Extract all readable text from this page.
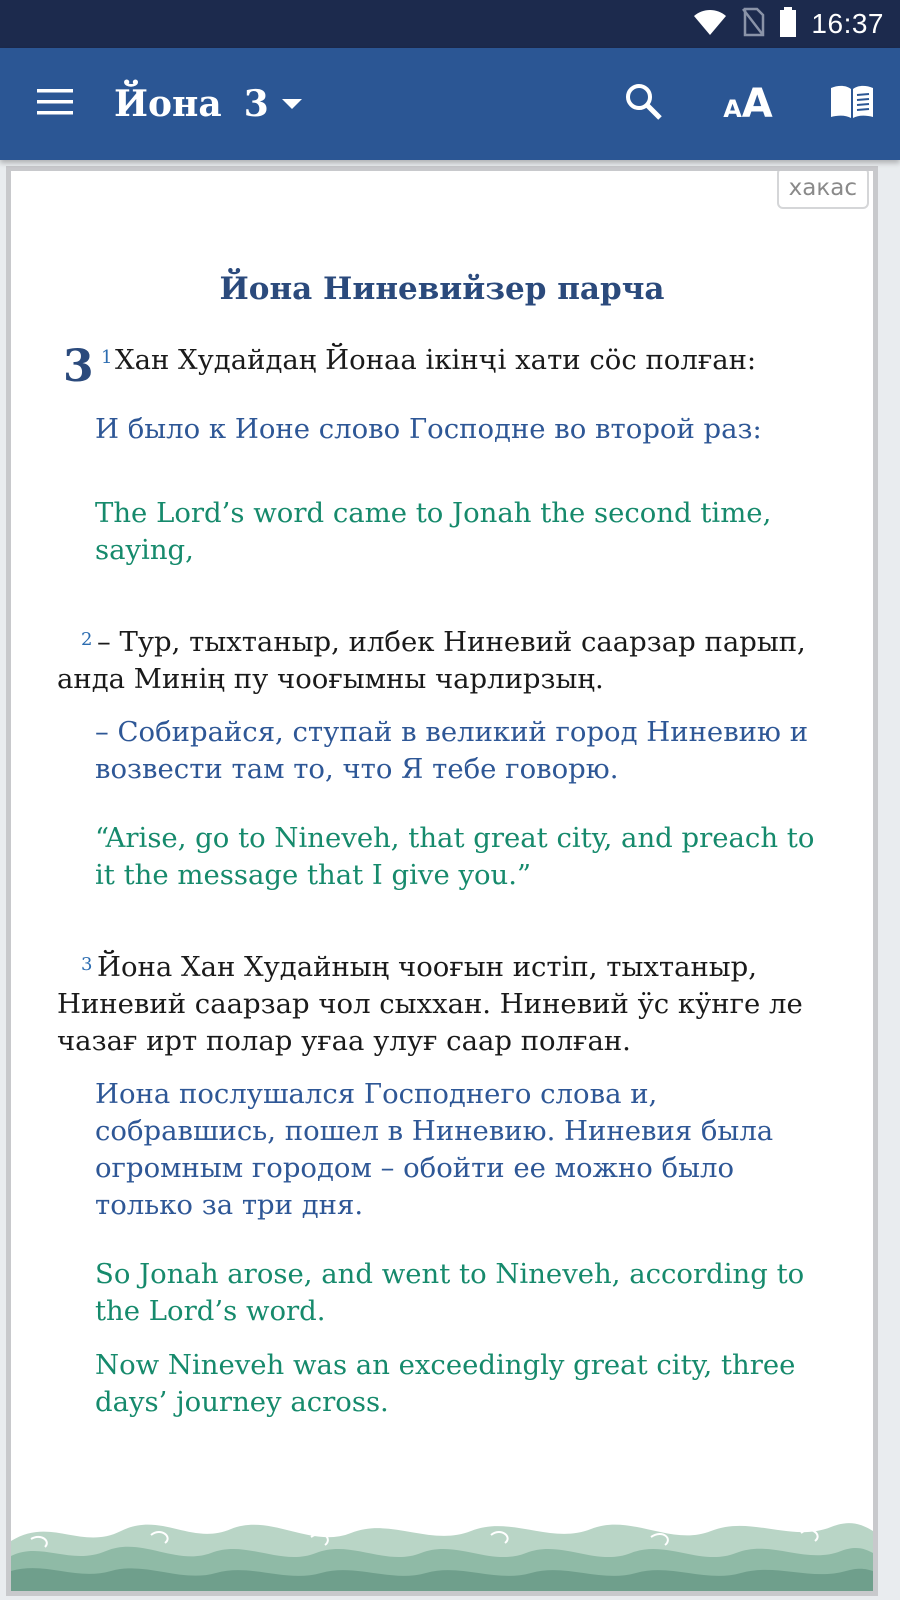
16:37
Йона 3	A A
хакас
Йона Ниневийзер парча
3 1 Хан Худайдаң Йонаа ікінҷі хати сӧс полған:
И было к Ионе слово Господне во второй раз:
The Lord’s word came to Jonah the second time, saying,
2 – Тур, тыхтаныр, илбек Ниневий саарзар парып, анда Минің пу чооғымны чарлирзың.
– Собирайся, ступай в великий город Ниневию и возвести там то, что Я тебе говорю.
“Arise, go to Nineveh, that great city, and preach to it the message that I give you.”
3 Йона Хан Худайның чооғын истіп, тыхтаныр, Ниневий саарзар чол сыххан. Ниневий ӱс кӱнге ле чазағ ирт полар уғаа улуғ саар полған.
Иона послушался Господнего слова и, собравшись, пошел в Ниневию. Ниневия была огромным городом – обойти ее можно было только за три дня.
So Jonah arose, and went to Nineveh, according to the Lord’s word.
Now Nineveh was an exceedingly great city, three days’ journey across.
